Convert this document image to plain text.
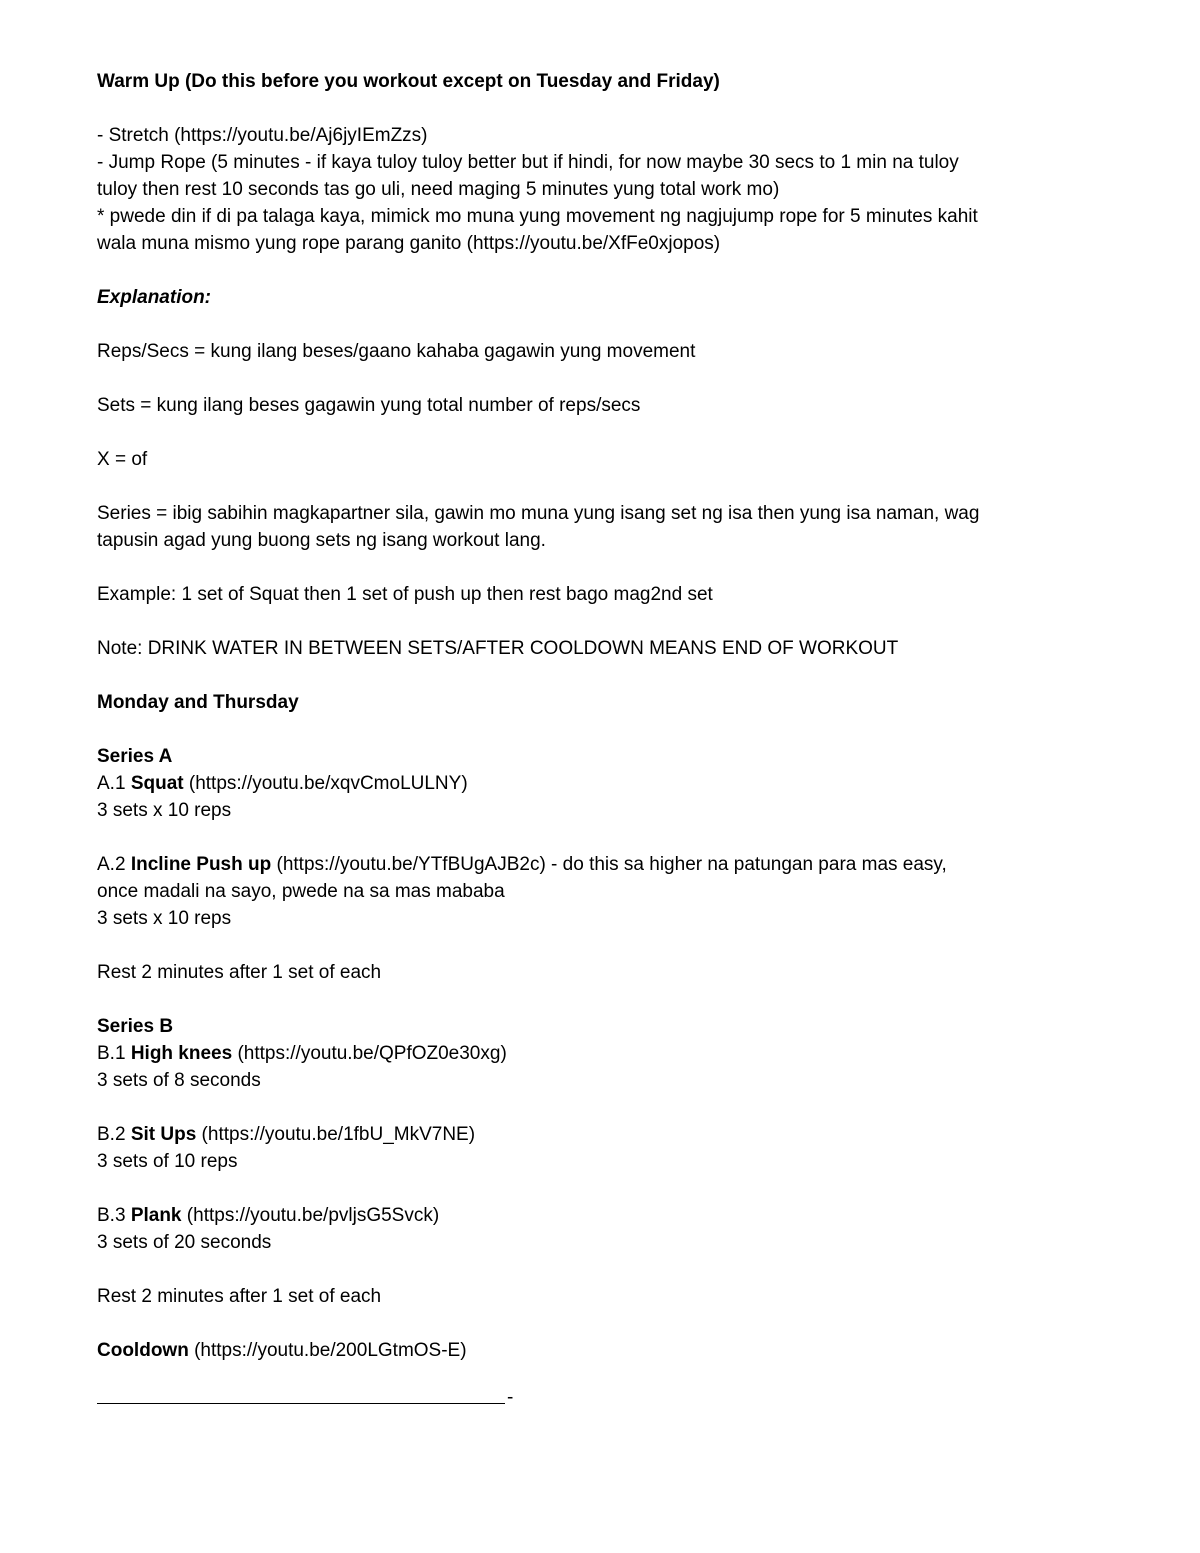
Warm Up (Do this before you workout except on Tuesday and Friday)

- Stretch (https://youtu.be/Aj6jyIEmZzs)

- Jump Rope (5 minutes - if kaya tuloy tuloy better but if hindi, for now maybe 30 secs to 1 min na tuloy

tuloy then rest 10 seconds tas go uli, need maging 5 minutes yung total work mo)

* pwede din if di pa talaga kaya, mimick mo muna yung movement ng nagjujump rope for 5 minutes kahit

wala muna mismo yung rope parang ganito (https://youtu.be/XfFe0xjopos)

Explanation:

Reps/Secs = kung ilang beses/gaano kahaba gagawin yung movement

Sets = kung ilang beses gagawin yung total number of reps/secs

X = of

Series = ibig sabihin magkapartner sila, gawin mo muna yung isang set ng isa then yung isa naman, wag

tapusin agad yung buong sets ng isang workout lang.

Example: 1 set of Squat then 1 set of push up then rest bago mag2nd set

Note: DRINK WATER IN BETWEEN SETS/AFTER COOLDOWN MEANS END OF WORKOUT

Monday and Thursday

Series A

A.1 Squat (https://youtu.be/xqvCmoLULNY)

3 sets x 10 reps

A.2 Incline Push up (https://youtu.be/YTfBUgAJB2c) - do this sa higher na patungan para mas easy,

once madali na sayo, pwede na sa mas mababa

3 sets x 10 reps

Rest 2 minutes after 1 set of each

Series B

B.1 High knees (https://youtu.be/QPfOZ0e30xg)

3 sets of 8 seconds

B.2 Sit Ups (https://youtu.be/1fbU_MkV7NE)

3 sets of 10 reps

B.3 Plank (https://youtu.be/pvljsG5Svck)

3 sets of 20 seconds

Rest 2 minutes after 1 set of each

Cooldown (https://youtu.be/200LGtmOS-E)

-
